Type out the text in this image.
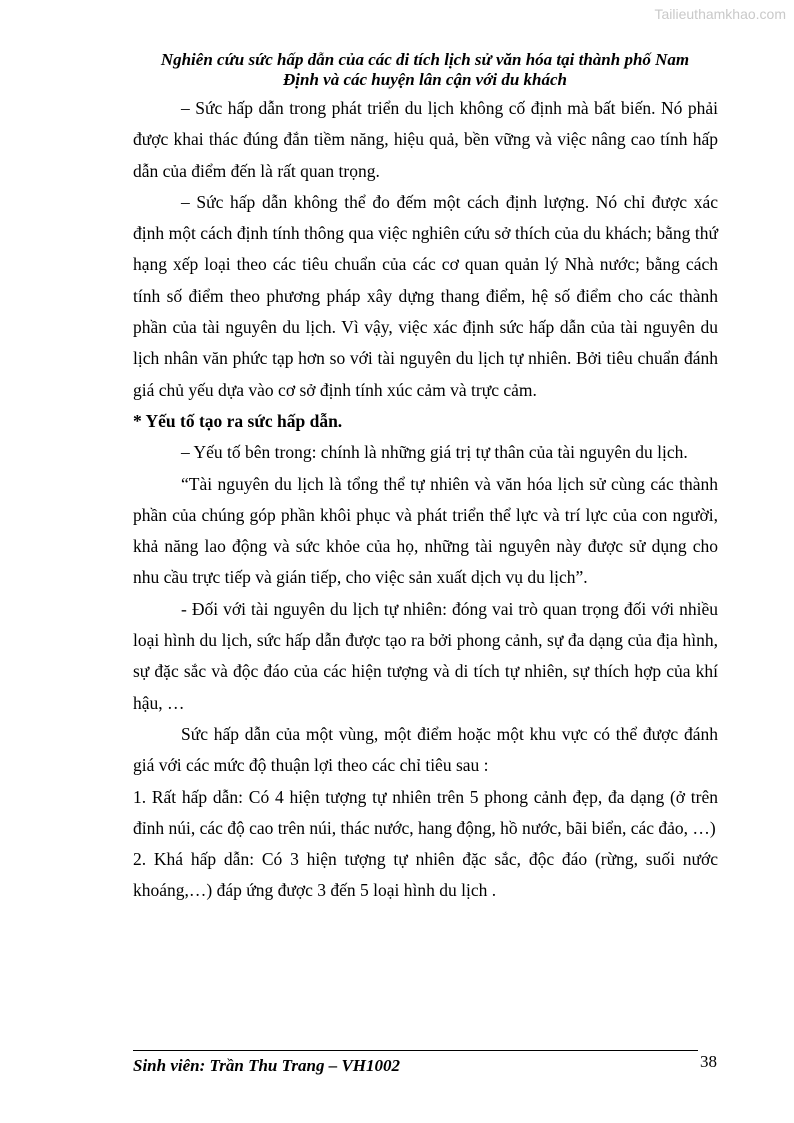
Tailieuthamkhao.com
Nghiên cứu sức hấp dẫn của các di tích lịch sử văn hóa tại thành phố Nam
Định và các huyện lân cận với du khách

– Sức hấp dẫn trong phát triển du lịch không cố định mà bất biến. Nó phải được khai thác đúng đắn tiềm năng, hiệu quả, bền vững và việc nâng cao tính hấp dẫn của điểm đến là rất quan trọng.

– Sức hấp dẫn không thể đo đếm một cách định lượng. Nó chỉ được xác định một cách định tính thông qua việc nghiên cứu sở thích của du khách; bằng thứ hạng xếp loại theo các tiêu chuẩn của các cơ quan quản lý Nhà nước; bằng cách tính số điểm theo phương pháp xây dựng thang điểm, hệ số điểm cho các thành phần của tài nguyên du lịch. Vì vậy, việc xác định sức hấp dẫn của tài nguyên du lịch nhân văn phức tạp hơn so với tài nguyên du lịch tự nhiên. Bởi tiêu chuẩn đánh giá chủ yếu dựa vào cơ sở định tính xúc cảm và trực cảm.

* Yếu tố tạo ra sức hấp dẫn.

– Yếu tố bên trong: chính là những giá trị tự thân của tài nguyên du lịch.

“Tài nguyên du lịch là tổng thể tự nhiên và văn hóa lịch sử cùng các thành phần của chúng góp phần khôi phục và phát triển thể lực và trí lực của con người, khả năng lao động và sức khỏe của họ, những tài nguyên này được sử dụng cho nhu cầu trực tiếp và gián tiếp, cho việc sản xuất dịch vụ du lịch”.

- Đối với tài nguyên du lịch tự nhiên: đóng vai trò quan trọng đối với nhiều loại hình du lịch, sức hấp dẫn được tạo ra bởi phong cảnh, sự đa dạng của địa hình, sự đặc sắc và độc đáo của các hiện tượng và di tích tự nhiên, sự thích hợp của khí hậu, …

Sức hấp dẫn của một vùng, một điểm hoặc một khu vực có thể được đánh giá với các mức độ thuận lợi theo các chỉ tiêu sau :

1. Rất hấp dẫn: Có 4 hiện tượng tự nhiên trên 5 phong cảnh đẹp, đa dạng (ở trên đỉnh núi, các độ cao trên núi, thác nước, hang động, hồ nước, bãi biển, các đảo, …)

2. Khá hấp dẫn: Có 3 hiện tượng tự nhiên đặc sắc, độc đáo (rừng, suối nước khoáng,…) đáp ứng được 3 đến 5 loại hình du lịch .

Sinh viên: Trần Thu Trang – VH1002	38
